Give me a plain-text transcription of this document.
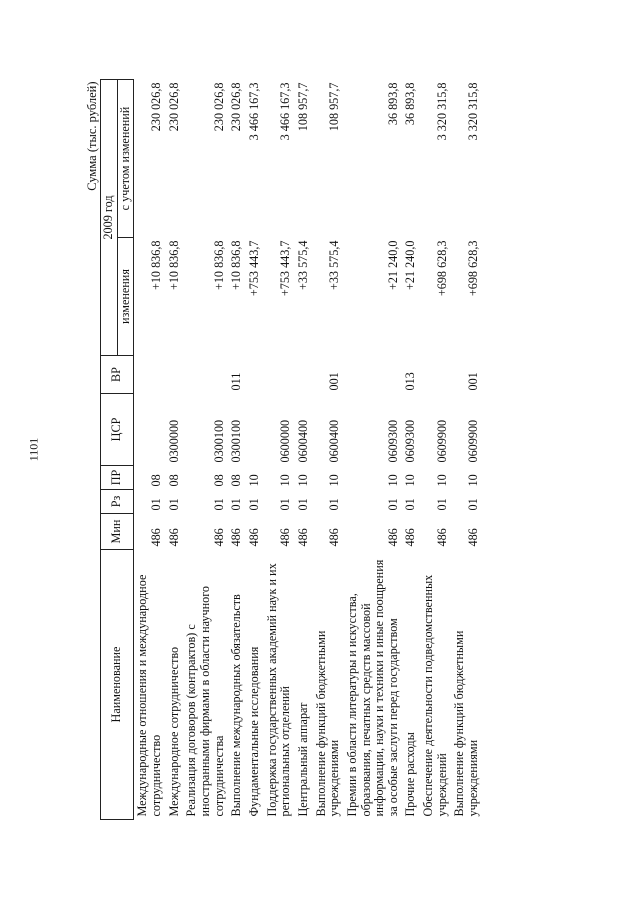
1101
						Сумма (тыс. рублей)	
Наименование	Мин	Рз	ПР	ЦСР	ВР	2009 год	
						изменения	с учетом изменений
Международные отношения и международное сотрудничество	486	01	08			+10 836,8	230 026,8
Международное сотрудничество	486	01	08	0300000		+10 836,8	230 026,8
Реализация договоров (контрактов) с иностранными фирмами в области научного сотрудничества	486	01	08	0300100		+10 836,8	230 026,8
Выполнение международных обязательств	486	01	08	0300100	011	+10 836,8	230 026,8
Фундаментальные исследования	486	01	10			+753 443,7	3 466 167,3
Поддержка государственных академий наук и их региональных отделений	486	01	10	0600000		+753 443,7	3 466 167,3
Центральный аппарат	486	01	10	0600400		+33 575,4	108 957,7
Выполнение функций бюджетными учреждениями	486	01	10	0600400	001	+33 575,4	108 957,7
Премии в области литературы и искусства, образования, печатных средств массовой информации, науки и техники и иные поощрения за особые заслуги перед государством	486	01	10	0609300		+21 240,0	36 893,8
Прочие расходы	486	01	10	0609300	013	+21 240,0	36 893,8
Обеспечение деятельности подведомственных учреждений	486	01	10	0609900		+698 628,3	3 320 315,8
Выполнение функций бюджетными учреждениями	486	01	10	0609900	001	+698 628,3	3 320 315,8
